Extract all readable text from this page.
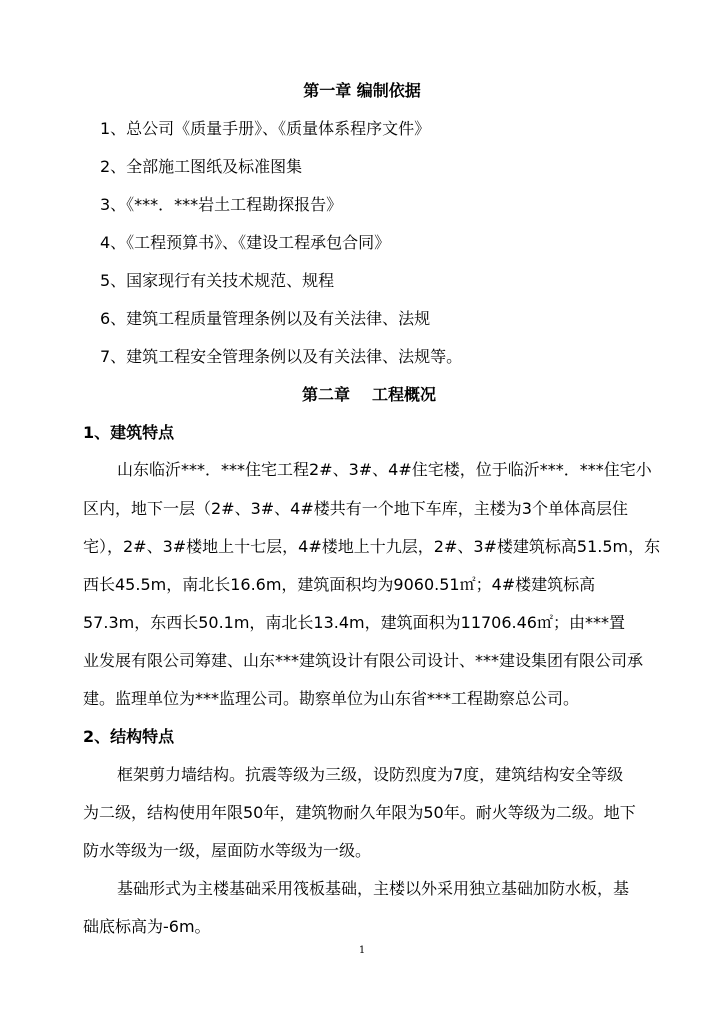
第一章 编制依据
1、总公司《质量手册》、《质量体系程序文件》
2、全部施工图纸及标准图集
3、《***．***岩土工程勘探报告》
4、《工程预算书》、《建设工程承包合同》
5、国家现行有关技术规范、规程
6、建筑工程质量管理条例以及有关法律、法规
7、建筑工程安全管理条例以及有关法律、法规等。
第二章 工程概况
1、建筑特点
山东临沂***．***住宅工程2#、3#、4#住宅楼，位于临沂***．***住宅小
区内，地下一层（2#、3#、4#楼共有一个地下车库，主楼为3个单体高层住
宅），2#、3#楼地上十七层，4#楼地上十九层，2#、3#楼建筑标高51.5m，东
西长45.5m，南北长16.6m，建筑面积均为9060.51㎡；4#楼建筑标高
57.3m，东西长50.1m，南北长13.4m，建筑面积为11706.46㎡；由***置
业发展有限公司筹建、山东***建筑设计有限公司设计、***建设集团有限公司承
建。监理单位为***监理公司。勘察单位为山东省***工程勘察总公司。
2、结构特点
框架剪力墙结构。抗震等级为三级，设防烈度为7度，建筑结构安全等级
为二级，结构使用年限50年，建筑物耐久年限为50年。耐火等级为二级。地下
防水等级为一级，屋面防水等级为一级。
基础形式为主楼基础采用筏板基础，主楼以外采用独立基础加防水板，基
础底标高为-6m。
1
